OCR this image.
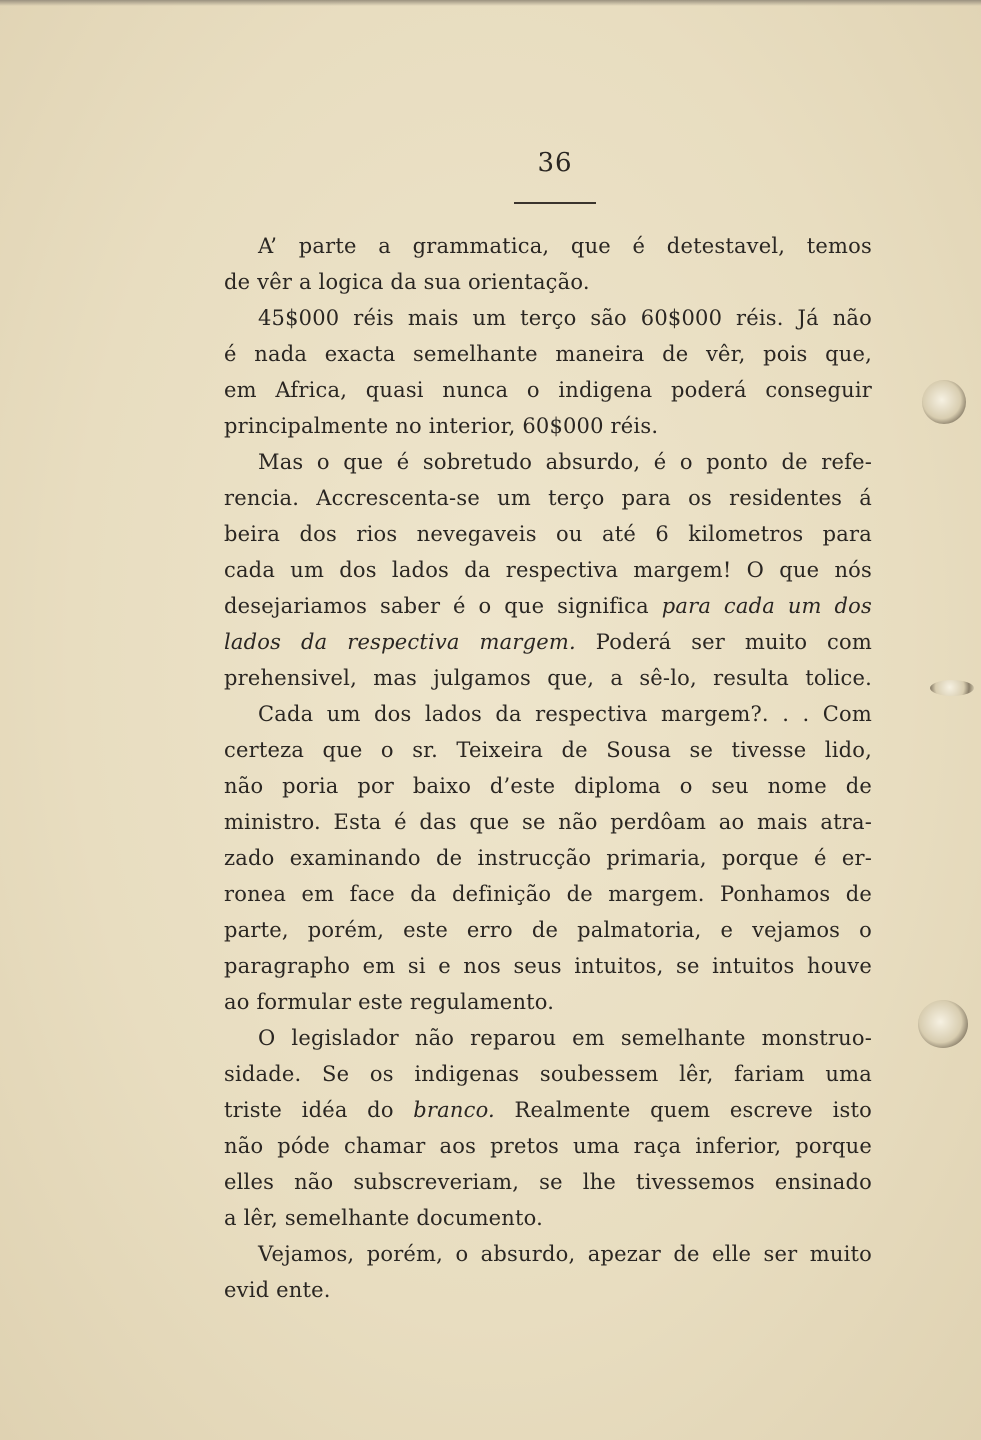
36
A’ parte a grammatica, que é detestavel, temos
de vêr a logica da sua orientação.
45$000 réis mais um terço são 60$000 réis. Já não
é nada exacta semelhante maneira de vêr, pois que,
em Africa, quasi nunca o indigena poderá conseguir
principalmente no interior, 60$000 réis.
Mas o que é sobretudo absurdo, é o ponto de refe-
rencia. Accrescenta-se um terço para os residentes á
beira dos rios nevegaveis ou até 6 kilometros para
cada um dos lados da respectiva margem! O que nós
desejariamos saber é o que significa para cada um dos
lados da respectiva margem. Poderá ser muito com
prehensivel, mas julgamos que, a sê-lo, resulta tolice.
Cada um dos lados da respectiva margem?. . . Com
certeza que o sr. Teixeira de Sousa se tivesse lido,
não poria por baixo d’este diploma o seu nome de
ministro. Esta é das que se não perdôam ao mais atra-
zado examinando de instrucção primaria, porque é er-
ronea em face da definição de margem. Ponhamos de
parte, porém, este erro de palmatoria, e vejamos o
paragrapho em si e nos seus intuitos, se intuitos houve
ao formular este regulamento.
O legislador não reparou em semelhante monstruo-
sidade. Se os indigenas soubessem lêr, fariam uma
triste idéa do branco. Realmente quem escreve isto
não póde chamar aos pretos uma raça inferior, porque
elles não subscreveriam, se lhe tivessemos ensinado
a lêr, semelhante documento.
Vejamos, porém, o absurdo, apezar de elle ser muito
evid ente.
